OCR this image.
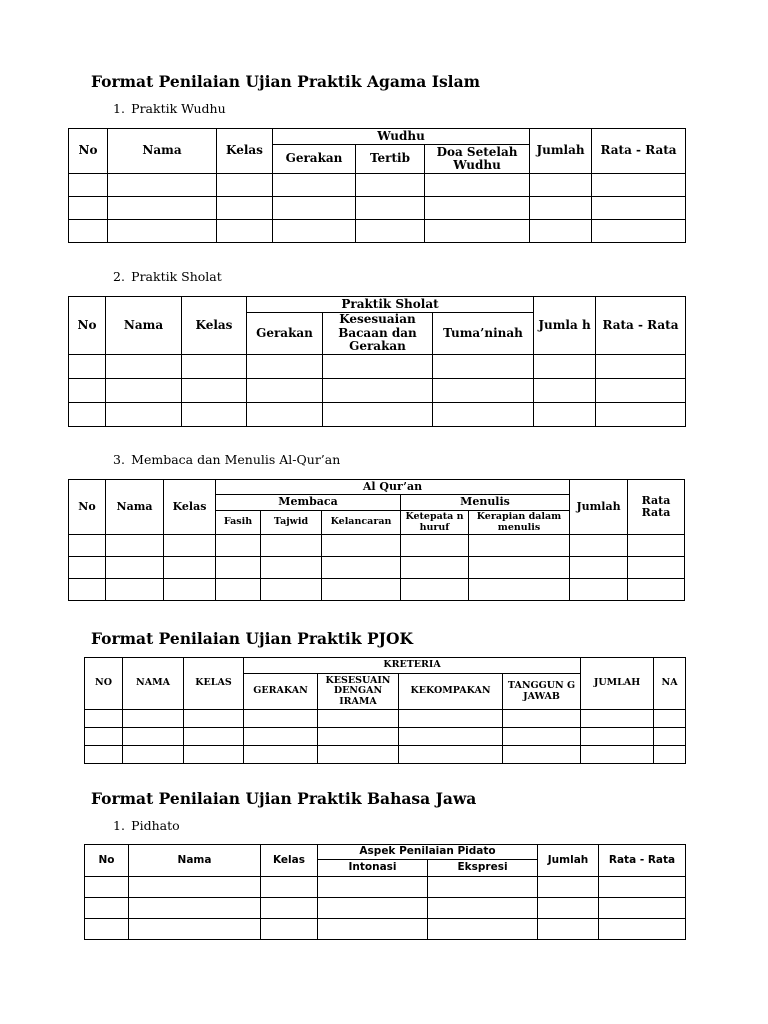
Format Penilaian Ujian Praktik Agama Islam

1. Praktik Wudhu

No	Nama	Kelas	Wudhu			Jumlah	Rata - Rata
			Gerakan	Tertib	Doa Setelah Wudhu		

2. Praktik Sholat

No	Nama	Kelas	Praktik Sholat			Jumla h	Rata - Rata
			Gerakan	Kesesuaian Bacaan dan Gerakan	Tuma’ninah		

3. Membaca dan Menulis Al-Qur’an

No	Nama	Kelas	Al Qur’an					Jumlah	Rata Rata
			Membaca			Menulis			
			Fasih	Tajwid	Kelancaran	Ketepata n huruf	Kerapian dalam menulis		

Format Penilaian Ujian Praktik PJOK
NO	NAMA	KELAS	KRETERIA				JUMLAH	NA
			GERAKAN	KESESUAIN DENGAN IRAMA	KEKOMPAKAN	TANGGUN G JAWAB		

Format Penilaian Ujian Praktik Bahasa Jawa

1. Pidhato

No	Nama	Kelas	Aspek Penilaian Pidato		Jumlah	Rata - Rata
			Intonasi	Ekspresi		
